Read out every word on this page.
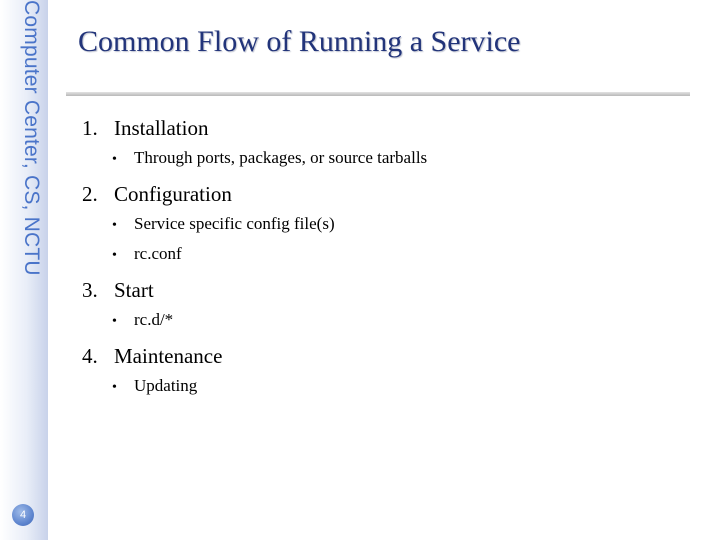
Computer Center, CS, NCTU
4
Common Flow of Running a Service
1. Installation
•	Through ports, packages, or source tarballs
2. Configuration
•	Service specific config file(s)
•	rc.conf
3. Start
•	rc.d/*
4. Maintenance
•	Updating
